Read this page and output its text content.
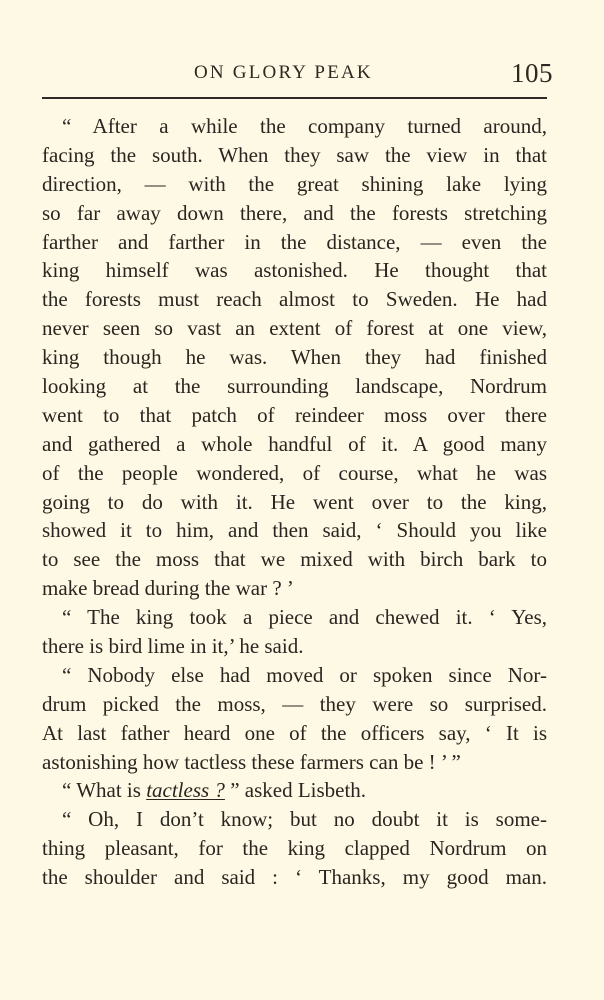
ON GLORY PEAK	105
“ After a while the company turned around,
facing the south. When they saw the view in that
direction, — with the great shining lake lying
so far away down there, and the forests stretching
farther and farther in the distance, — even the
king himself was astonished. He thought that
the forests must reach almost to Sweden. He had
never seen so vast an extent of forest at one view,
king though he was. When they had finished
looking at the surrounding landscape, Nordrum
went to that patch of reindeer moss over there
and gathered a whole handful of it. A good many
of the people wondered, of course, what he was
going to do with it. He went over to the king,
showed it to him, and then said, ‘ Should you like
to see the moss that we mixed with birch bark to
make bread during the war ? ’
“ The king took a piece and chewed it. ‘ Yes,
there is bird lime in it,’ he said.
“ Nobody else had moved or spoken since Nor-
drum picked the moss, — they were so surprised.
At last father heard one of the officers say, ‘ It is
astonishing how tactless these farmers can be ! ’ ”
“ What is tactless ? ” asked Lisbeth.
“ Oh, I don’t know; but no doubt it is some-
thing pleasant, for the king clapped Nordrum on
the shoulder and said : ‘ Thanks, my good man.
